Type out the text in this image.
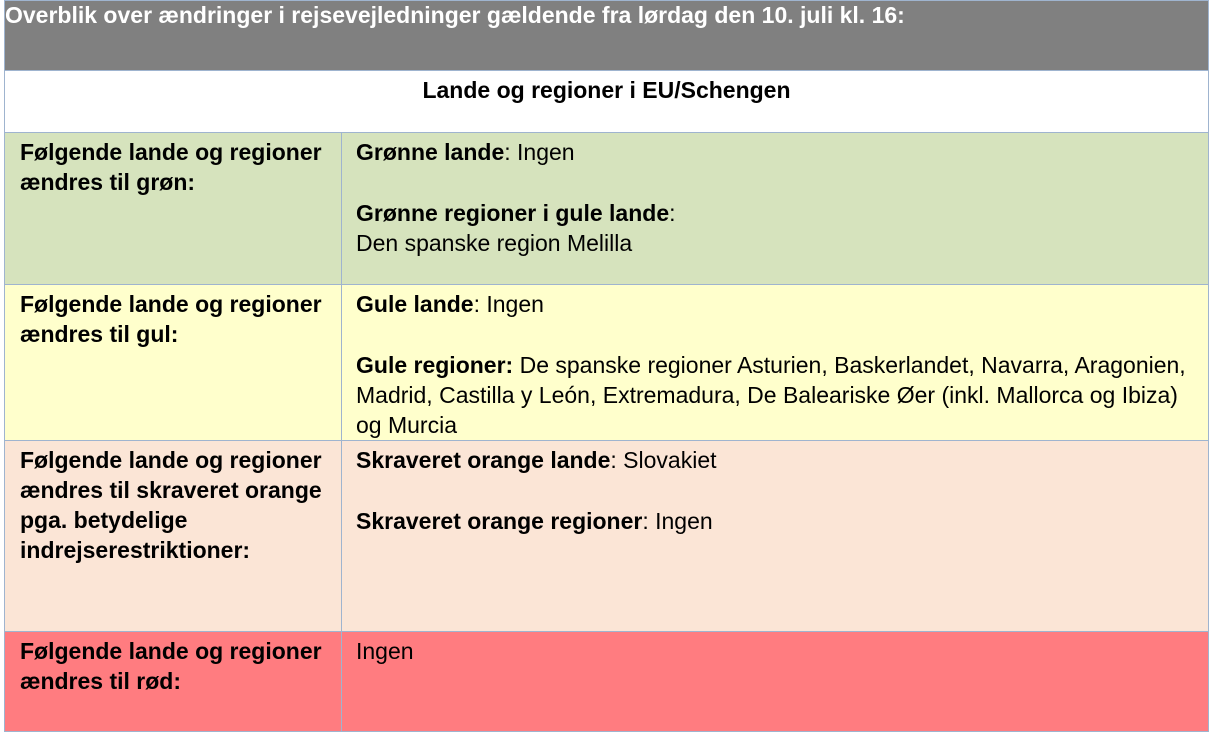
Overblik over ændringer i rejsevejledninger gældende fra lørdag den 10. juli kl. 16:	
Lande og regioner i EU/Schengen	
Følgende lande og regioner ændres til grøn:	Grønne lande: Ingen

Grønne regioner i gule lande:
Den spanske region Melilla

Følgende lande og regioner ændres til gul:	Gule lande: Ingen

Gule regioner: De spanske regioner Asturien, Baskerlandet, Navarra, Aragonien, Madrid, Castilla y León, Extremadura, De Baleariske Øer (inkl. Mallorca og Ibiza) og Murcia

Følgende lande og regioner ændres til skraveret orange pga. betydelige indrejserestriktioner:	Skraveret orange lande: Slovakiet

Skraveret orange regioner: Ingen

Følgende lande og regioner ændres til rød:	Ingen
